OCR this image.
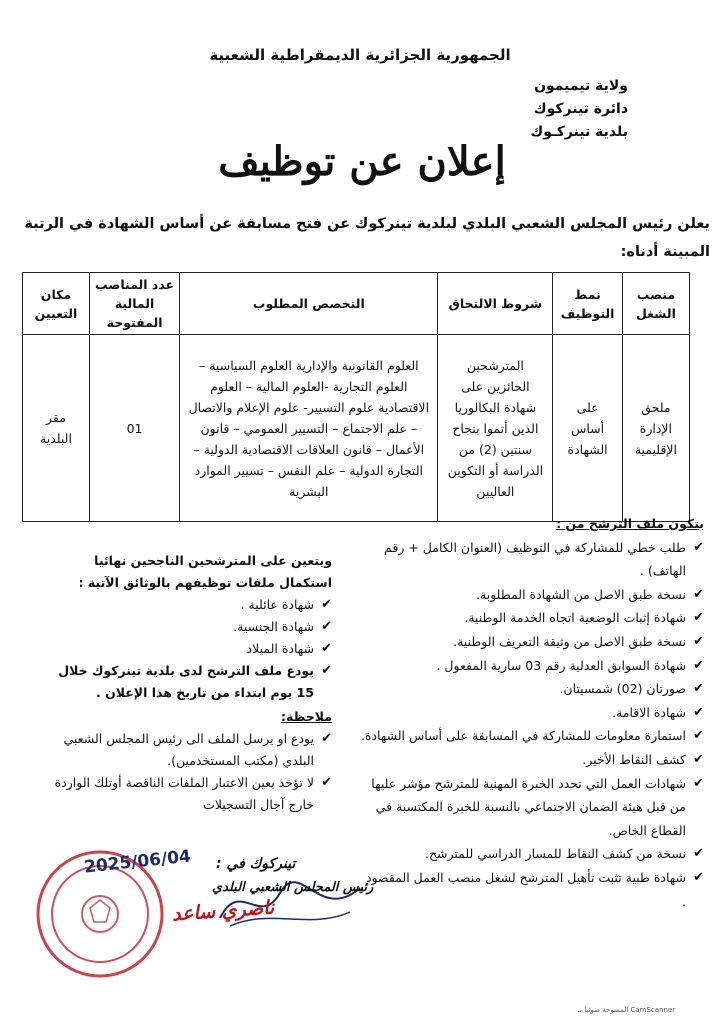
الجمهورية الجزائرية الديمقراطية الشعبية
ولاية تيميمون
دائرة تينركوك
بلدية تينركـوك
إعلان عن توظيف
يعلن رئيس المجلس الشعبي البلدي لبلدية تينركوك عن فتح مسابقة عن أساس الشهادة في الرتبة المبينة أدناه:
منصب الشغل	نمط التوظيف	شروط الالتحاق	التخصص المطلوب	عدد المناصب المالية المفتوحة	مكان التعيين
ملحق الإدارة الإقليمية	على أساس الشهادة	المترشحين الحائزين على شهادة البكالوريا الذين أتموا بنجاح سنتين (2) من الدراسة أو التكوين العاليين	العلوم القانونية والإدارية العلوم السياسية – العلوم التجارية -العلوم المالية – العلوم الاقتصادية علوم التسيير- علوم الإعلام والاتصال – علم الاجتماع – التسيير العمومي – قانون الأعمال – قانون العلاقات الاقتصادية الدولية – التجارة الدولية – علم النفس – تسيير الموارد البشرية	01	مقر البلدية
يتكون ملف الترشح من :
✔
طلب خطي للمشاركة في التوظيف (العنوان الكامل + رقم الهاتف) .
✔
نسخة طبق الاصل من الشهادة المطلوبة.
✔
شهادة إثبات الوضعية اتجاه الخدمة الوطنية.
✔
نسخة طبق الاصل من وثيقة التعريف الوطنية.
✔
شهادة السوابق العدلية رقم 03 سارية المفعول .
✔
صورتان (02) شمسيتان.
✔
شهادة الاقامة.
✔
استمارة معلومات للمشاركة في المسابقة على أساس الشهادة.
✔
كشف النقاط الأخير.
✔
شهادات العمل التي تحدد الخبرة المهنية للمترشح مؤشر عليها من قبل هيئة الضمان الاجتماعي بالنسبة للخبرة المكتسبة في القطاع الخاص.
✔
نسخة من كشف النقاط للمسار الدراسي للمترشح.
✔
شهادة طبية تثبت تأهيل المترشح لشغل منصب العمل المقصود .
ويتعين على المترشحين الناجحين نهائيا استكمال ملفات توظيفهم بالوثائق الآتية :
✔
شهادة عائلية .
✔
شهادة الجنسية.
✔
شهادة الميلاد
✔
يودع ملف الترشح لدى بلدية تينركوك خلال 15 يوم ابتداء من تاريخ هذا الإعلان .
ملاحظة:
✔
يودع او يرسل الملف الى رئيس المجلس الشعبي البلدي (مكتب المستخدمين).
✔
لا تؤخذ بعين الاعتبار الملفات الناقصة أوتلك الواردة خارج آجال التسجيلات
2025/06/04 تينركوك في :
رئيس المجلس الشعبي البلدي
ناصري ساعد
CamScanner المسوحة ضوئيا بـ
